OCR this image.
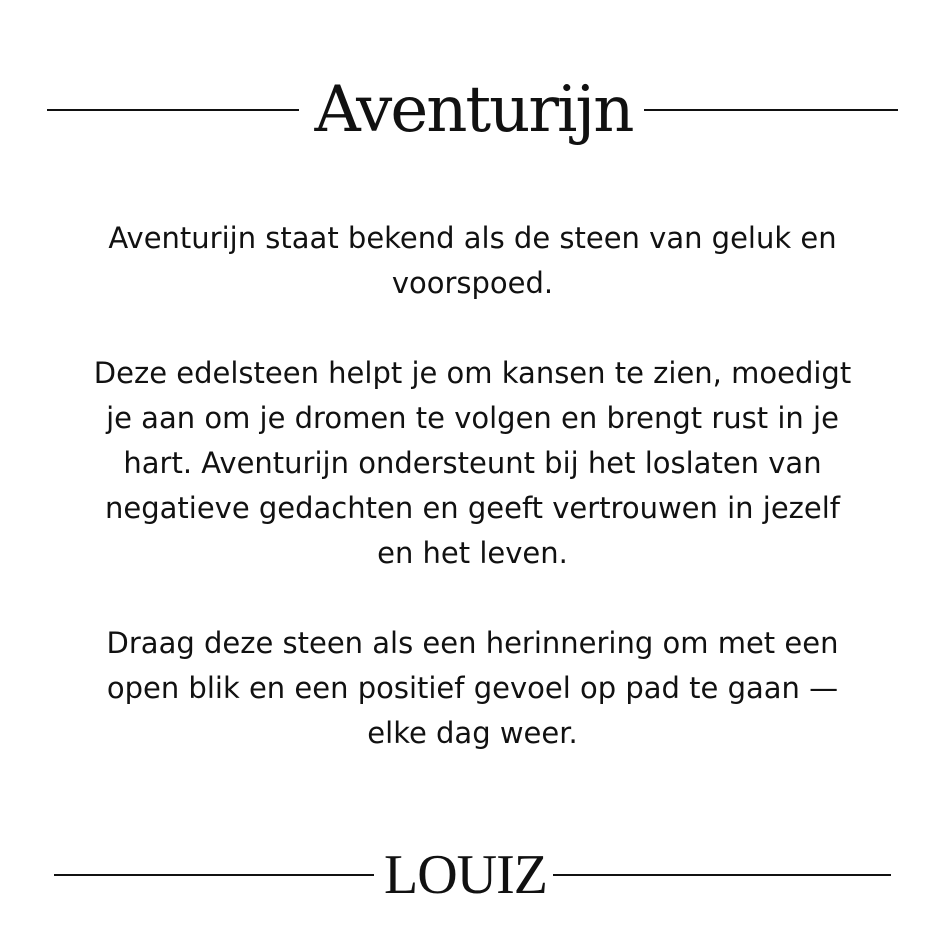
Aventurijn

Aventurijn staat bekend als de steen van geluk en
voorspoed.

Deze edelsteen helpt je om kansen te zien, moedigt
je aan om je dromen te volgen en brengt rust in je
hart. Aventurijn ondersteunt bij het loslaten van
negatieve gedachten en geeft vertrouwen in jezelf
en het leven.

Draag deze steen als een herinnering om met een
open blik en een positief gevoel op pad te gaan —
elke dag weer.

LOUIZ
